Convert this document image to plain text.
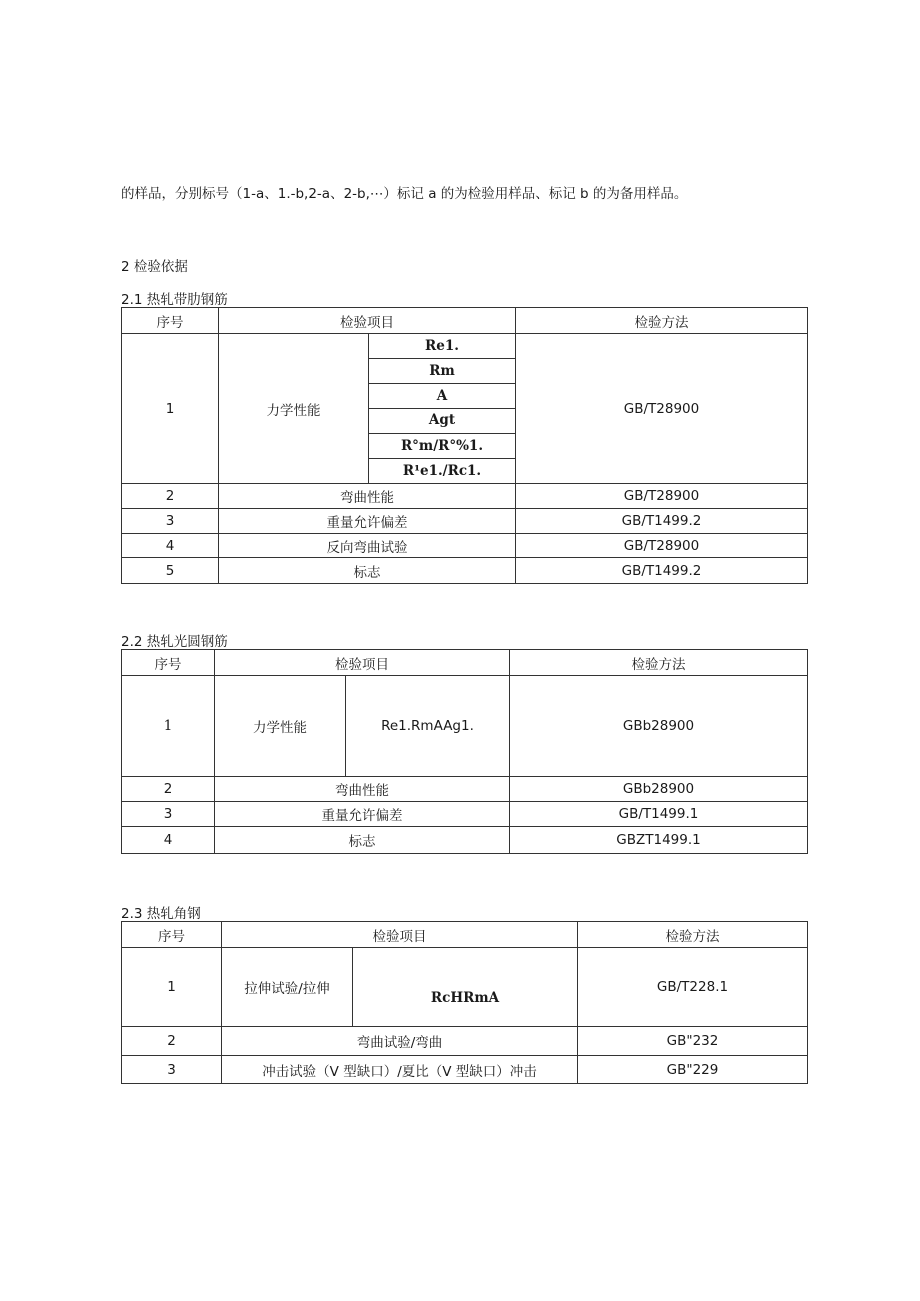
的样品，分别标号（1-a、1.-b,2-a、2-b,⋯）标记 a 的为检验用样品、标记 b 的为备用样品。
2 检验依据
2.1 热轧带肋钢筋
序号	检验项目		检验方法
1	力学性能	Re1.	GB/T28900
		Rm	
		A	
		Agt	
		R°m/R°%1.	
		R¹e1./Rc1.	
2	弯曲性能		GB/T28900
3	重量允许偏差		GB/T1499.2
4	反向弯曲试验		GB/T28900
5	标志		GB/T1499.2
2.2 热轧光圆钢筋
序号	检验项目		检验方法
1	力学性能	Re1.RmAAg1.	GBb28900
2	弯曲性能		GBb28900
3	重量允许偏差		GB/T1499.1
4	标志		GBZT1499.1
2.3 热轧角钢
序号	检验项目		检验方法
1	拉伸试验/拉伸	RcHRmA	GB/T228.1
2	弯曲试验/弯曲		GB"232
3	冲击试验（V 型缺口）/夏比（V 型缺口）冲击		GB"229
